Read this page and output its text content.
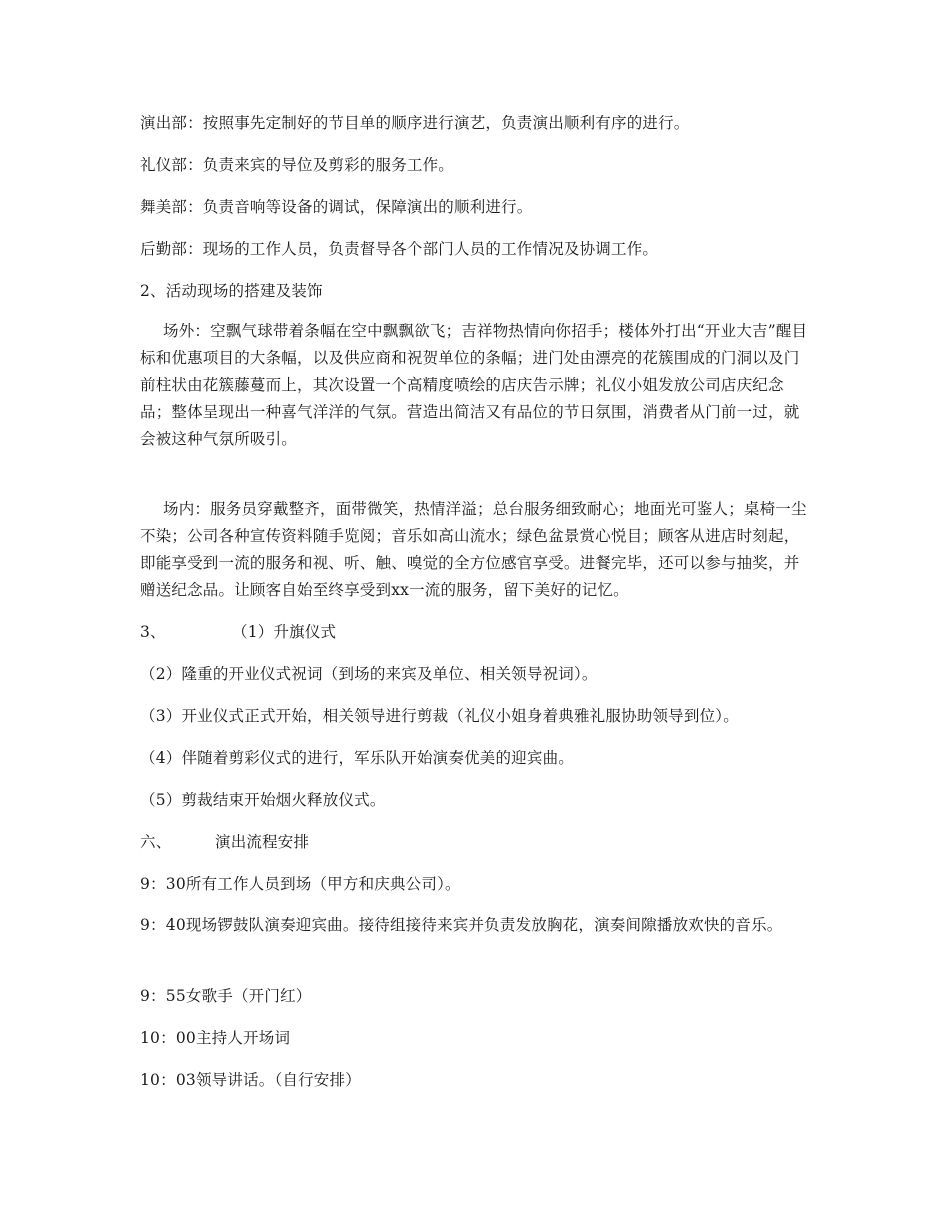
演出部：按照事先定制好的节目单的顺序进行演艺，负责演出顺利有序的进行。

礼仪部：负责来宾的导位及剪彩的服务工作。

舞美部：负责音响等设备的调试，保障演出的顺利进行。

后勤部：现场的工作人员，负责督导各个部门人员的工作情况及协调工作。

2、活动现场的搭建及装饰

场外：空飘气球带着条幅在空中飘飘欲飞；吉祥物热情向你招手；楼体外打出“开业大吉”醒目标和优惠项目的大条幅，以及供应商和祝贺单位的条幅；进门处由漂亮的花簇围成的门洞以及门前柱状由花簇藤蔓而上，其次设置一个高精度喷绘的店庆告示牌；礼仪小姐发放公司店庆纪念品；整体呈现出一种喜气洋洋的气氛。营造出简洁又有品位的节日氛围，消费者从门前一过，就会被这种气氛所吸引。

场内：服务员穿戴整齐，面带微笑，热情洋溢；总台服务细致耐心；地面光可鉴人；桌椅一尘不染；公司各种宣传资料随手览阅；音乐如高山流水；绿色盆景赏心悦目；顾客从进店时刻起，即能享受到一流的服务和视、听、触、嗅觉的全方位感官享受。进餐完毕，还可以参与抽奖，并赠送纪念品。让顾客自始至终享受到xx一流的服务，留下美好的记忆。

3、	（1）升旗仪式

（2）隆重的开业仪式祝词（到场的来宾及单位、相关领导祝词）。

（3）开业仪式正式开始，相关领导进行剪裁（礼仪小姐身着典雅礼服协助领导到位）。

（4）伴随着剪彩仪式的进行，军乐队开始演奏优美的迎宾曲。

（5）剪裁结束开始烟火释放仪式。

六、	演出流程安排

9：30所有工作人员到场（甲方和庆典公司）。

9：40现场锣鼓队演奏迎宾曲。接待组接待来宾并负责发放胸花，演奏间隙播放欢快的音乐。

9：55女歌手（开门红）

10：00主持人开场词

10：03领导讲话。（自行安排）
